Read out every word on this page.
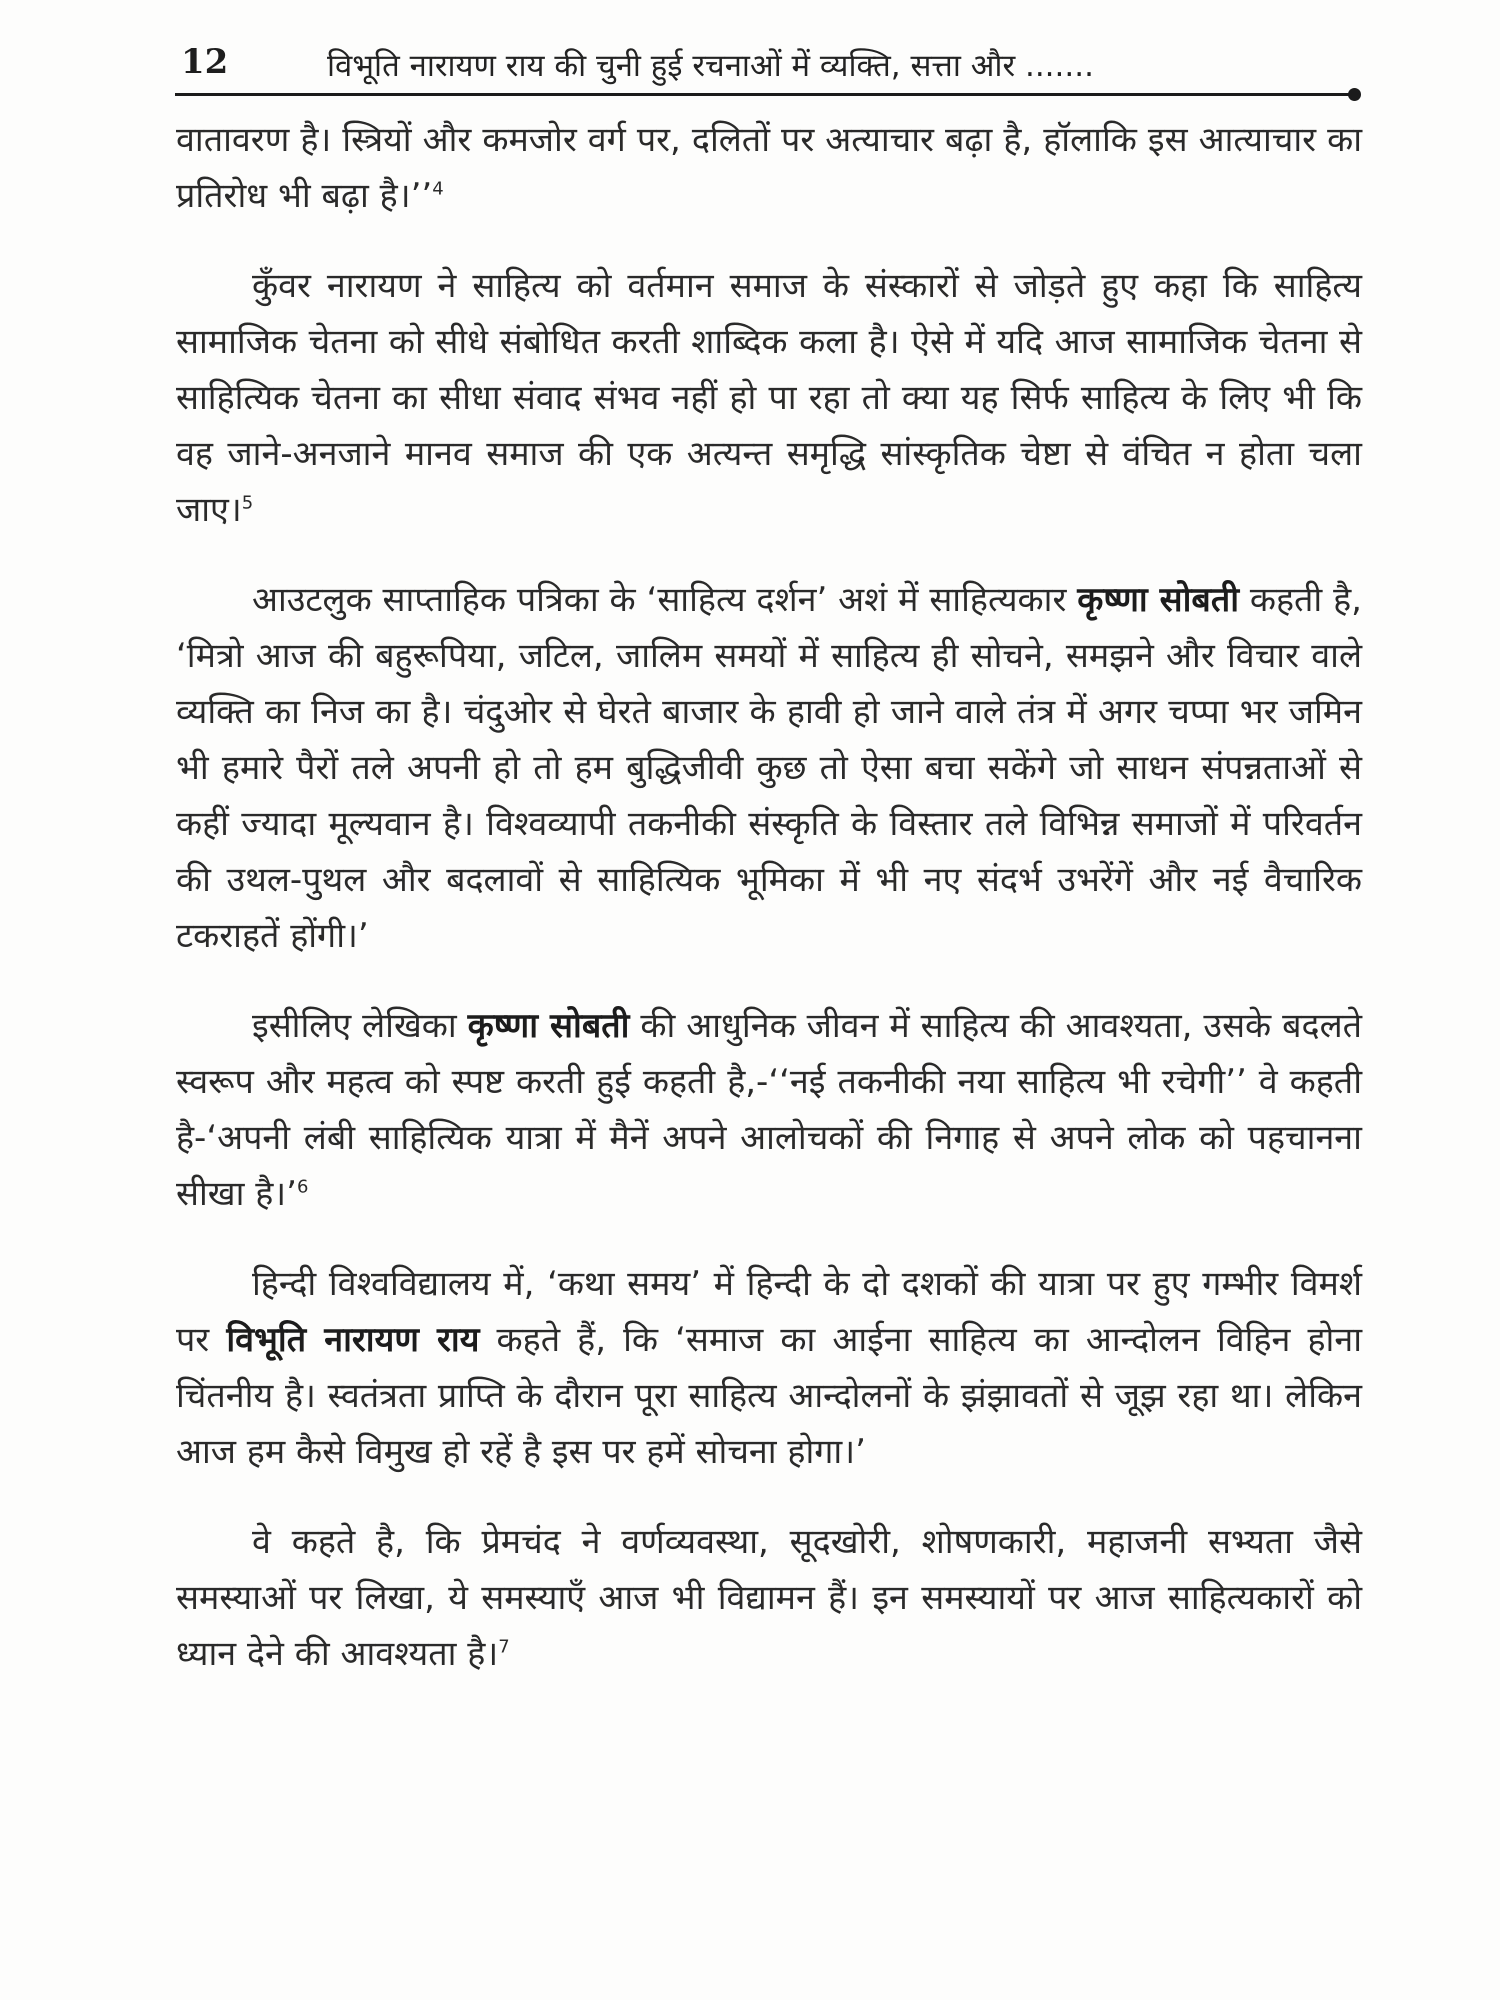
12	विभूति नारायण राय की चुनी हुई रचनाओं में व्यक्ति, सत्ता और .......

वातावरण है। स्त्रियों और कमजोर वर्ग पर, दलितों पर अत्याचार बढ़ा है, हॉलाकि इस आत्याचार का प्रतिरोध भी बढ़ा है।’’$^4$

कुँवर नारायण ने साहित्य को वर्तमान समाज के संस्कारों से जोड़ते हुए कहा कि साहित्य सामाजिक चेतना को सीधे संबोधित करती शाब्दिक कला है। ऐसे में यदि आज सामाजिक चेतना से साहित्यिक चेतना का सीधा संवाद संभव नहीं हो पा रहा तो क्या यह सिर्फ साहित्य के लिए भी कि वह जाने-अनजाने मानव समाज की एक अत्यन्त समृद्धि सांस्कृतिक चेष्टा से वंचित न होता चला जाए।$^5$

आउटलुक साप्ताहिक पत्रिका के ‘साहित्य दर्शन’ अशं में साहित्यकार कृष्णा सोबती कहती है, ‘मित्रो आज की बहुरूपिया, जटिल, जालिम समयों में साहित्य ही सोचने, समझने और विचार वाले व्यक्ति का निज का है। चंदुओर से घेरते बाजार के हावी हो जाने वाले तंत्र में अगर चप्पा भर जमिन भी हमारे पैरों तले अपनी हो तो हम बुद्धिजीवी कुछ तो ऐसा बचा सकेंगे जो साधन संपन्नताओं से कहीं ज्यादा मूल्यवान है। विश्वव्यापी तकनीकी संस्कृति के विस्तार तले विभिन्न समाजों में परिवर्तन की उथल-पुथल और बदलावों से साहित्यिक भूमिका में भी नए संदर्भ उभरेंगें और नई वैचारिक टकराहतें होंगी।’

इसीलिए लेखिका कृष्णा सोबती की आधुनिक जीवन में साहित्य की आवश्यता, उसके बदलते स्वरूप और महत्व को स्पष्ट करती हुई कहती है,-‘‘नई तकनीकी नया साहित्य भी रचेगी’’ वे कहती है-‘अपनी लंबी साहित्यिक यात्रा में मैनें अपने आलोचकों की निगाह से अपने लोक को पहचानना सीखा है।’$^6$

हिन्दी विश्वविद्यालय में, ‘कथा समय’ में हिन्दी के दो दशकों की यात्रा पर हुए गम्भीर विमर्श पर विभूति नारायण राय कहते हैं, कि ‘समाज का आईना साहित्य का आन्दोलन विहिन होना चिंतनीय है। स्वतंत्रता प्राप्ति के दौरान पूरा साहित्य आन्दोलनों के झंझावतों से जूझ रहा था। लेकिन आज हम कैसे विमुख हो रहें है इस पर हमें सोचना होगा।’

वे कहते है, कि प्रेमचंद ने वर्णव्यवस्था, सूदखोरी, शोषणकारी, महाजनी सभ्यता जैसे समस्याओं पर लिखा, ये समस्याएँ आज भी विद्यामन हैं। इन समस्यायों पर आज साहित्यकारों को ध्यान देने की आवश्यता है।$^7$
